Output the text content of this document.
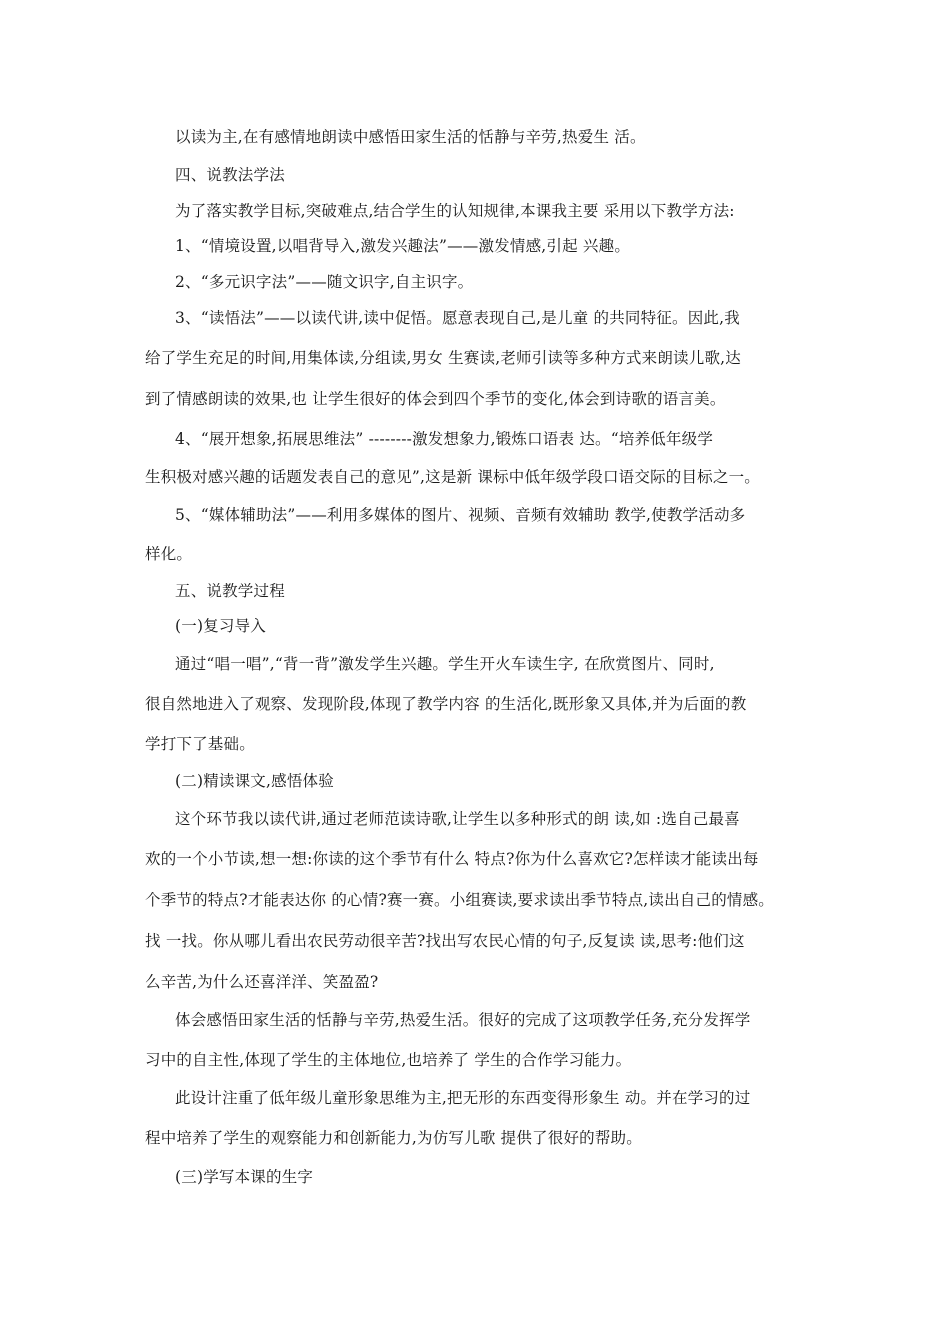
以读为主,在有感情地朗读中感悟田家生活的恬静与辛劳,热爱生 活。
四、说教法学法
为了落实教学目标,突破难点,结合学生的认知规律,本课我主要 采用以下教学方法:
1、“情境设置,以唱背导入,激发兴趣法”——激发情感,引起 兴趣。
2、“多元识字法”——随文识字,自主识字。
3、“读悟法”——以读代讲,读中促悟。愿意表现自己,是儿童 的共同特征。因此,我
给了学生充足的时间,用集体读,分组读,男女 生赛读,老师引读等多种方式来朗读儿歌,达
到了情感朗读的效果,也 让学生很好的体会到四个季节的变化,体会到诗歌的语言美。
4、“展开想象,拓展思维法” --------激发想象力,锻炼口语表 达。“培养低年级学
生积极对感兴趣的话题发表自己的意见”,这是新 课标中低年级学段口语交际的目标之一。
5、“媒体辅助法”——利用多媒体的图片、视频、音频有效辅助 教学,使教学活动多
样化。
五、说教学过程
(一)复习导入
通过“唱一唱”,“背一背”激发学生兴趣。学生开火车读生字, 在欣赏图片、同时,
很自然地进入了观察、发现阶段,体现了教学内容 的生活化,既形象又具体,并为后面的教
学打下了基础。
(二)精读课文,感悟体验
这个环节我以读代讲,通过老师范读诗歌,让学生以多种形式的朗 读,如 :选自己最喜
欢的一个小节读,想一想:你读的这个季节有什么 特点?你为什么喜欢它?怎样读才能读出每
个季节的特点?才能表达你 的心情?赛一赛。小组赛读,要求读出季节特点,读出自己的情感。
找 一找。你从哪儿看出农民劳动很辛苦?找出写农民心情的句子,反复读 读,思考:他们这
么辛苦,为什么还喜洋洋、笑盈盈?
体会感悟田家生活的恬静与辛劳,热爱生活。很好的完成了这项教学任务,充分发挥学
习中的自主性,体现了学生的主体地位,也培养了 学生的合作学习能力。
此设计注重了低年级儿童形象思维为主,把无形的东西变得形象生 动。并在学习的过
程中培养了学生的观察能力和创新能力,为仿写儿歌 提供了很好的帮助。
(三)学写本课的生字
